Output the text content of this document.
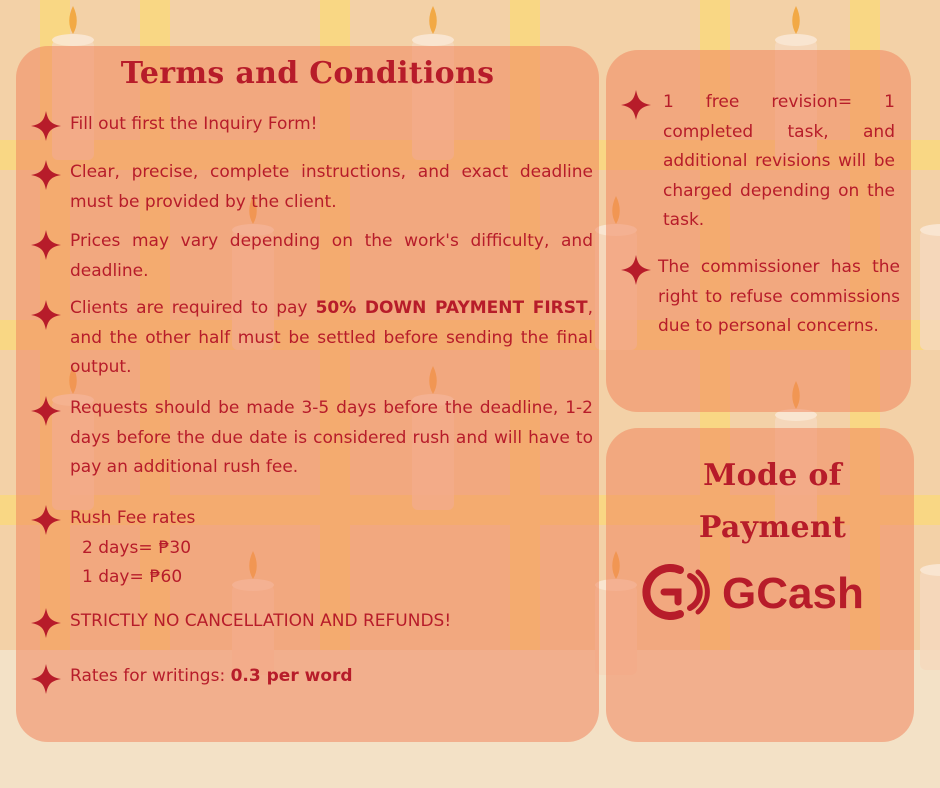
Terms and Conditions
Fill out first the Inquiry Form!
Clear, precise, complete instructions, and exact deadline must be provided by the client.
Prices may vary depending on the work's difficulty, and deadline.
Clients are required to pay 50% DOWN PAYMENT FIRST, and the other half must be settled before sending the final output.
Requests should be made 3-5 days before the deadline, 1-2 days before the due date is considered rush and will have to pay an additional rush fee.
Rush Fee rates
2 days= ₱30
1 day= ₱60
STRICTLY NO CANCELLATION AND REFUNDS!
Rates for writings: 0.3 per word
1 free revision= 1 completed task, and additional revisions will be charged depending on the task.
The commissioner has the right to refuse commissions due to personal concerns.
Mode of Payment
GCash
